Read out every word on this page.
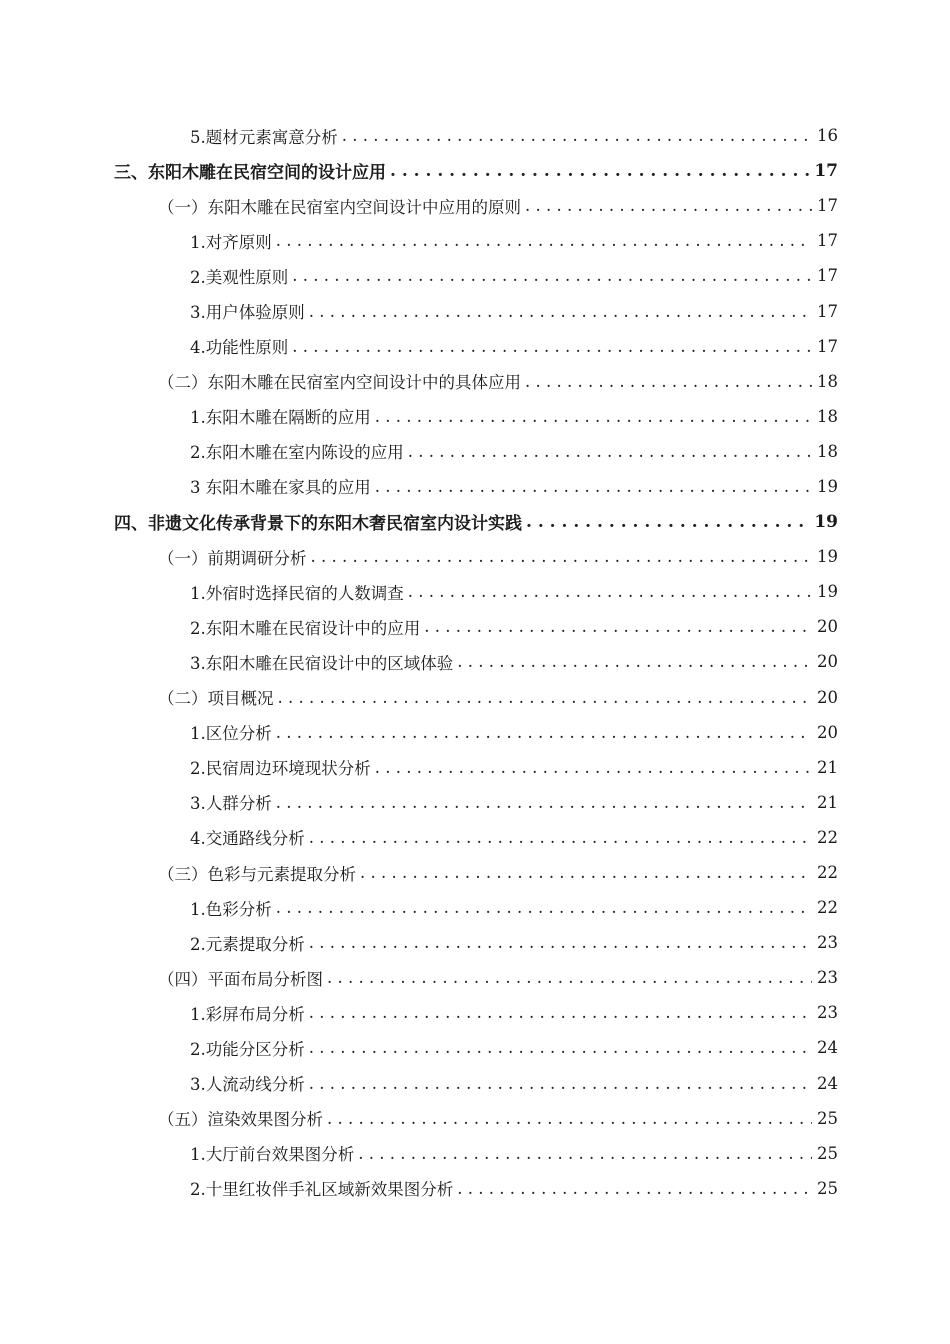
5.题材元素寓意分析 . . .	16
三、东阳木雕在民宿空间的设计应用 . . .	17
（一）东阳木雕在民宿室内空间设计中应用的原则 . . .	17
1.对齐原则 . . .	17
2.美观性原则 . . .	17
3.用户体验原则 . . .	17
4.功能性原则 . . .	17
（二）东阳木雕在民宿室内空间设计中的具体应用 . . .	18
1.东阳木雕在隔断的应用 . . .	18
2.东阳木雕在室内陈设的应用 . . .	18
3 东阳木雕在家具的应用 . . .	19
四、非遗文化传承背景下的东阳木奢民宿室内设计实践 . . .	19
（一）前期调研分析 . . .	19
1.外宿时选择民宿的人数调查 . . .	19
2.东阳木雕在民宿设计中的应用 . . .	20
3.东阳木雕在民宿设计中的区域体验 . . .	20
（二）项目概况 . . .	20
1.区位分析 . . .	20
2.民宿周边环境现状分析 . . .	21
3.人群分析 . . .	21
4.交通路线分析 . . .	22
（三）色彩与元素提取分析 . . .	22
1.色彩分析 . . .	22
2.元素提取分析 . . .	23
（四）平面布局分析图 . . .	23
1.彩屏布局分析 . . .	23
2.功能分区分析 . . .	24
3.人流动线分析 . . .	24
（五）渲染效果图分析 . . .	25
1.大厅前台效果图分析 . . .	25
2.十里红妆伴手礼区域新效果图分析 . . .	25
